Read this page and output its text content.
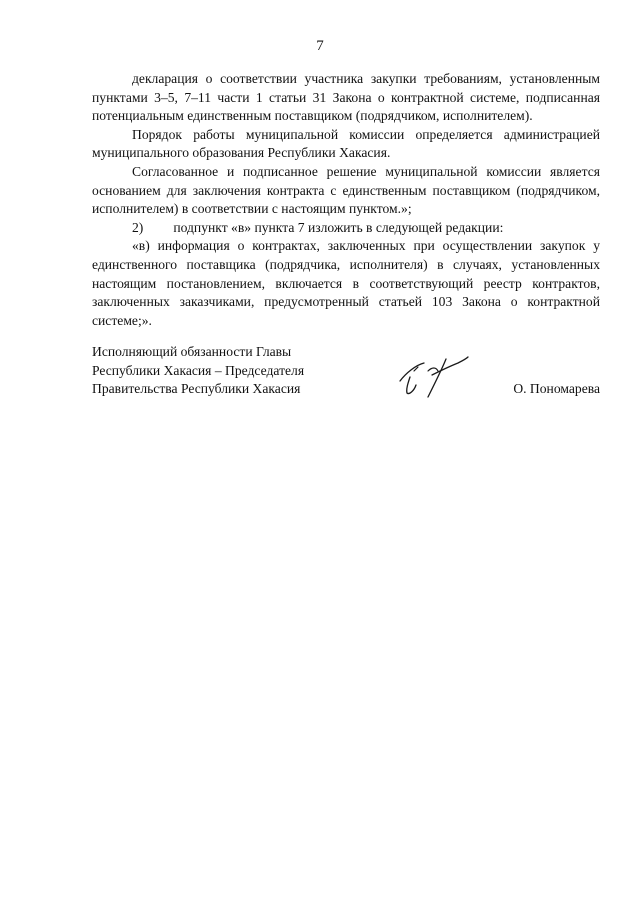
7

декларация о соответствии участника закупки требованиям, установленным пунктами 3–5, 7–11 части 1 статьи 31 Закона о контрактной системе, подписанная потенциальным единственным поставщиком (подрядчиком, исполнителем).

Порядок работы муниципальной комиссии определяется администрацией муниципального образования Республики Хакасия.

Согласованное и подписанное решение муниципальной комиссии является основанием для заключения контракта с единственным поставщиком (подрядчиком, исполнителем) в соответствии с настоящим пунктом.»;

2) подпункт «в» пункта 7 изложить в следующей редакции:

«в) информация о контрактах, заключенных при осуществлении закупок у единственного поставщика (подрядчика, исполнителя) в случаях, установленных настоящим постановлением, включается в соответствующий реестр контрактов, заключенных заказчиками, предусмотренный статьей 103 Закона о контрактной системе;».

Исполняющий обязанности Главы
Республики Хакасия – Председателя
Правительства Республики Хакасия	О. Пономарева
